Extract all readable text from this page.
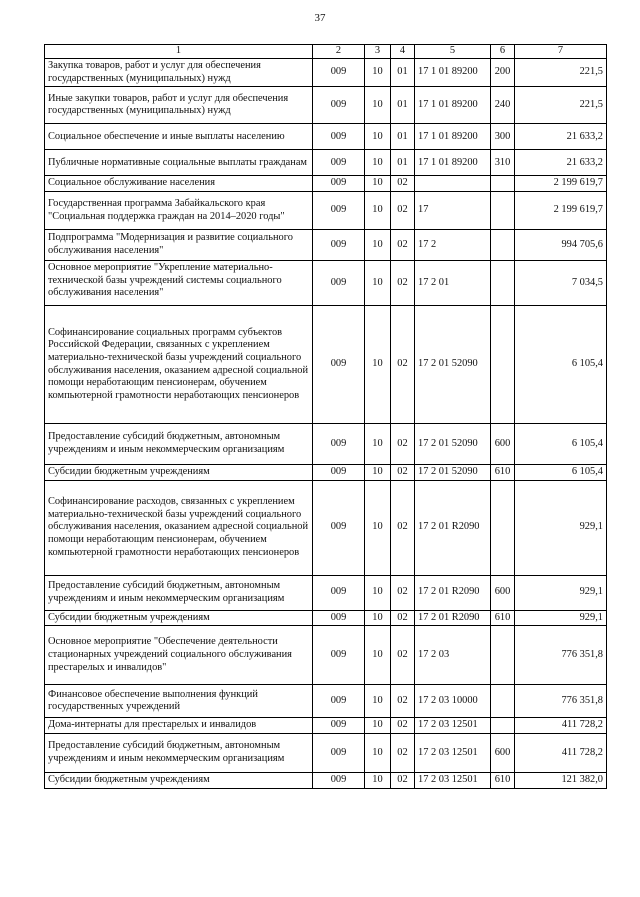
37
1	2	3	4	5	6	7
Закупка товаров, работ и услуг для обеспечения государственных (муниципальных) нужд	009	10	01	17 1 01 89200	200	221,5
Иные закупки товаров, работ и услуг для обеспечения государственных (муниципальных) нужд	009	10	01	17 1 01 89200	240	221,5
Социальное обеспечение и иные выплаты населению	009	10	01	17 1 01 89200	300	21 633,2
Публичные нормативные социальные выплаты гражданам	009	10	01	17 1 01 89200	310	21 633,2
Социальное обслуживание населения	009	10	02			2 199 619,7
Государственная программа Забайкальского края "Социальная поддержка граждан на 2014–2020 годы"	009	10	02	17		2 199 619,7
Подпрограмма "Модернизация и развитие социального обслуживания населения"	009	10	02	17 2		994 705,6
Основное мероприятие "Укрепление материально-технической базы учреждений системы социального обслуживания населения"	009	10	02	17 2 01		7 034,5
Софинансирование социальных программ субъектов Российской Федерации, связанных с укреплением материально-технической базы учреждений социального обслуживания населения, оказанием адресной социальной помощи неработающим пенсионерам, обучением компьютерной грамотности неработающих пенсионеров	009	10	02	17 2 01 52090		6 105,4
Предоставление субсидий бюджетным, автономным учреждениям и иным некоммерческим организациям	009	10	02	17 2 01 52090	600	6 105,4
Субсидии бюджетным учреждениям	009	10	02	17 2 01 52090	610	6 105,4
Софинансирование расходов, связанных с укреплением материально-технической базы учреждений социального обслуживания населения, оказанием адресной социальной помощи неработающим пенсионерам, обучением компьютерной грамотности неработающих пенсионеров	009	10	02	17 2 01 R2090		929,1
Предоставление субсидий бюджетным, автономным учреждениям и иным некоммерческим организациям	009	10	02	17 2 01 R2090	600	929,1
Субсидии бюджетным учреждениям	009	10	02	17 2 01 R2090	610	929,1
Основное мероприятие "Обеспечение деятельности стационарных учреждений социального обслуживания престарелых и инвалидов"	009	10	02	17 2 03		776 351,8
Финансовое обеспечение выполнения функций государственных учреждений	009	10	02	17 2 03 10000		776 351,8
Дома-интернаты для престарелых и инвалидов	009	10	02	17 2 03 12501		411 728,2
Предоставление субсидий бюджетным, автономным учреждениям и иным некоммерческим организациям	009	10	02	17 2 03 12501	600	411 728,2
Субсидии бюджетным учреждениям	009	10	02	17 2 03 12501	610	121 382,0
